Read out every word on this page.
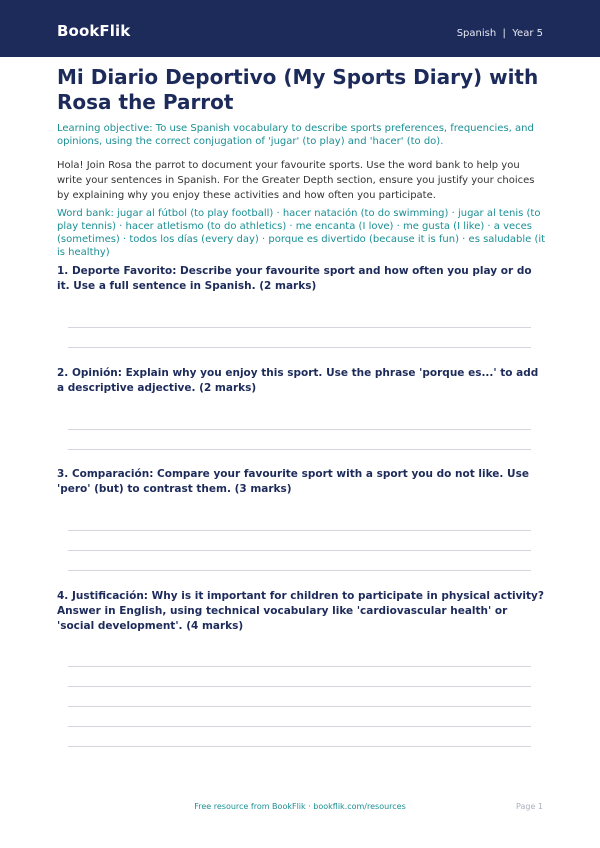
BookFlik	Spanish | Year 5
Mi Diario Deportivo (My Sports Diary) with Rosa the Parrot
Learning objective: To use Spanish vocabulary to describe sports preferences, frequencies, and opinions, using the correct conjugation of 'jugar' (to play) and 'hacer' (to do).
Hola! Join Rosa the parrot to document your favourite sports. Use the word bank to help you write your sentences in Spanish. For the Greater Depth section, ensure you justify your choices by explaining why you enjoy these activities and how often you participate.
Word bank: jugar al fútbol (to play football) · hacer natación (to do swimming) · jugar al tenis (to play tennis) · hacer atletismo (to do athletics) · me encanta (I love) · me gusta (I like) · a veces (sometimes) · todos los días (every day) · porque es divertido (because it is fun) · es saludable (it is healthy)
1. Deporte Favorito: Describe your favourite sport and how often you play or do it. Use a full sentence in Spanish. (2 marks)
2. Opinión: Explain why you enjoy this sport. Use the phrase 'porque es...' to add a descriptive adjective. (2 marks)
3. Comparación: Compare your favourite sport with a sport you do not like. Use 'pero' (but) to contrast them. (3 marks)
4. Justificación: Why is it important for children to participate in physical activity? Answer in English, using technical vocabulary like 'cardiovascular health' or 'social development'. (4 marks)
Free resource from BookFlik · bookflik.com/resources	Page 1
